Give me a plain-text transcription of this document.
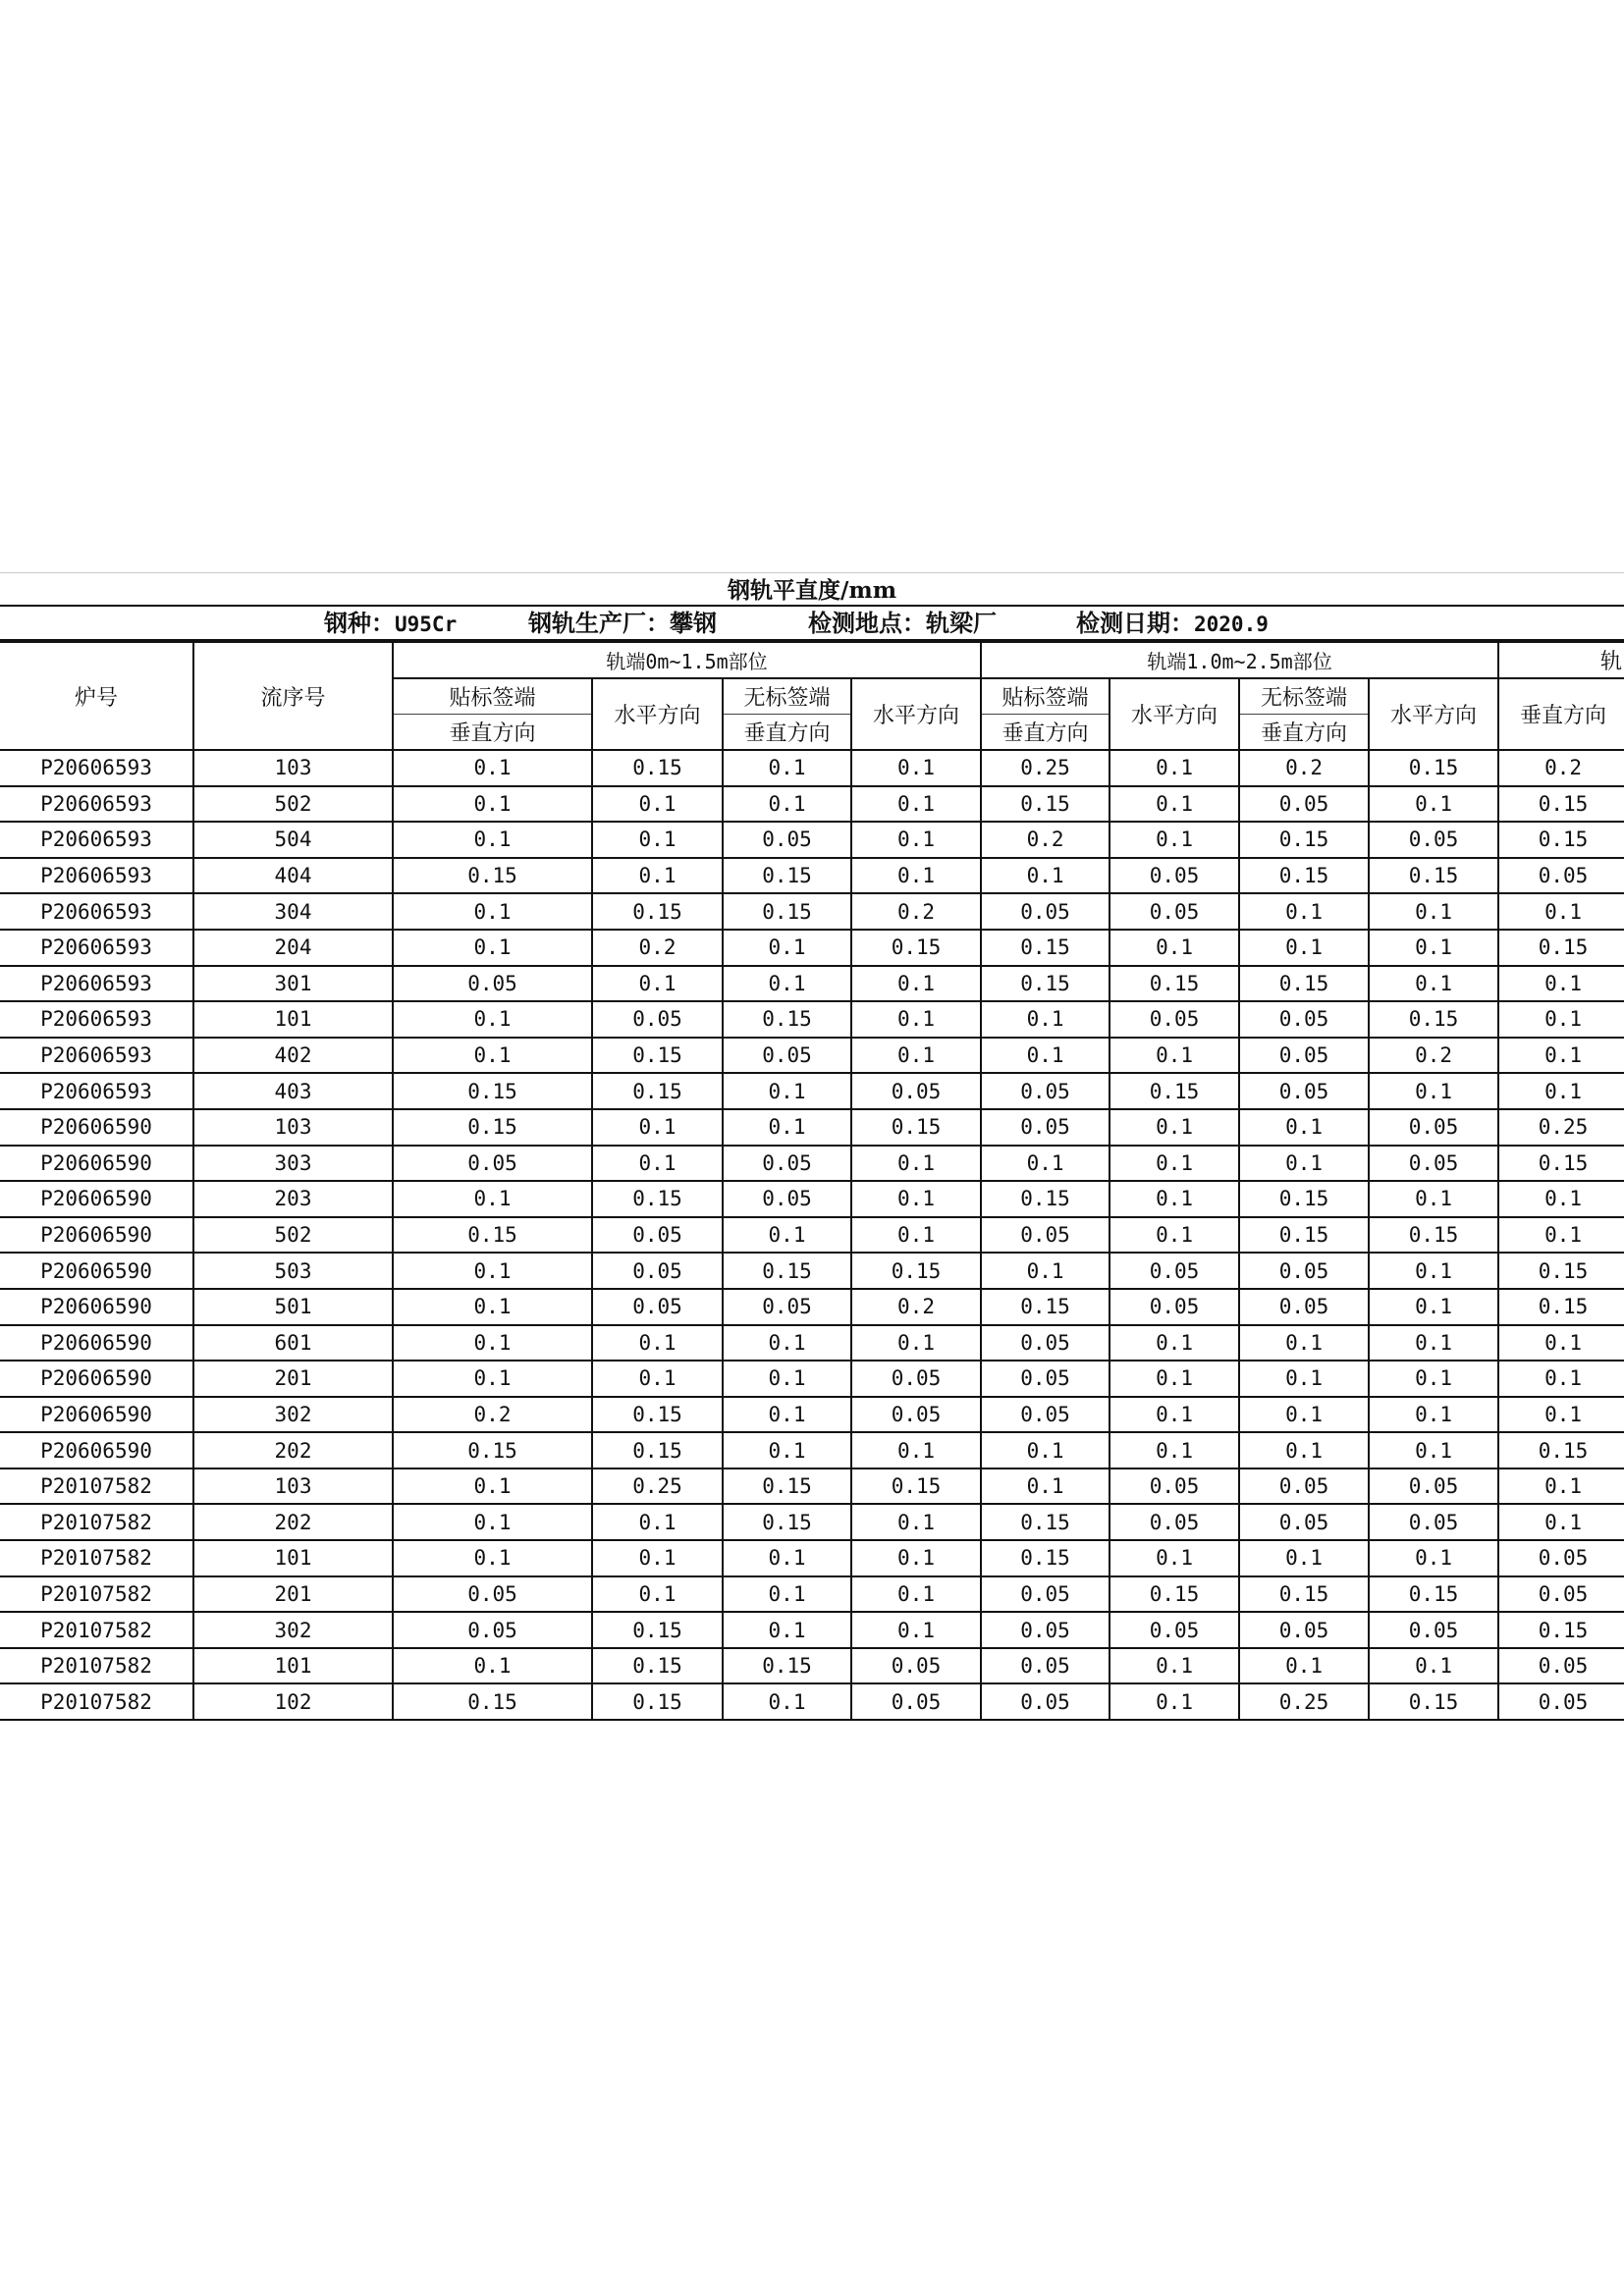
钢轨平直度/mm
钢种：U95Cr	钢轨生产厂：攀钢	检测地点：轨梁厂	检测日期：2020.9
炉号	流序号	轨端0m~1.5m部位				轨端1.0m~2.5m部位				轨
		贴标签端	水平方向	无标签端	水平方向	贴标签端	水平方向	无标签端	水平方向	垂直方向
		垂直方向		垂直方向		垂直方向		垂直方向		
P20606593	103	0.1	0.15	0.1	0.1	0.25	0.1	0.2	0.15	0.2
P20606593	502	0.1	0.1	0.1	0.1	0.15	0.1	0.05	0.1	0.15
P20606593	504	0.1	0.1	0.05	0.1	0.2	0.1	0.15	0.05	0.15
P20606593	404	0.15	0.1	0.15	0.1	0.1	0.05	0.15	0.15	0.05
P20606593	304	0.1	0.15	0.15	0.2	0.05	0.05	0.1	0.1	0.1
P20606593	204	0.1	0.2	0.1	0.15	0.15	0.1	0.1	0.1	0.15
P20606593	301	0.05	0.1	0.1	0.1	0.15	0.15	0.15	0.1	0.1
P20606593	101	0.1	0.05	0.15	0.1	0.1	0.05	0.05	0.15	0.1
P20606593	402	0.1	0.15	0.05	0.1	0.1	0.1	0.05	0.2	0.1
P20606593	403	0.15	0.15	0.1	0.05	0.05	0.15	0.05	0.1	0.1
P20606590	103	0.15	0.1	0.1	0.15	0.05	0.1	0.1	0.05	0.25
P20606590	303	0.05	0.1	0.05	0.1	0.1	0.1	0.1	0.05	0.15
P20606590	203	0.1	0.15	0.05	0.1	0.15	0.1	0.15	0.1	0.1
P20606590	502	0.15	0.05	0.1	0.1	0.05	0.1	0.15	0.15	0.1
P20606590	503	0.1	0.05	0.15	0.15	0.1	0.05	0.05	0.1	0.15
P20606590	501	0.1	0.05	0.05	0.2	0.15	0.05	0.05	0.1	0.15
P20606590	601	0.1	0.1	0.1	0.1	0.05	0.1	0.1	0.1	0.1
P20606590	201	0.1	0.1	0.1	0.05	0.05	0.1	0.1	0.1	0.1
P20606590	302	0.2	0.15	0.1	0.05	0.05	0.1	0.1	0.1	0.1
P20606590	202	0.15	0.15	0.1	0.1	0.1	0.1	0.1	0.1	0.15
P20107582	103	0.1	0.25	0.15	0.15	0.1	0.05	0.05	0.05	0.1
P20107582	202	0.1	0.1	0.15	0.1	0.15	0.05	0.05	0.05	0.1
P20107582	101	0.1	0.1	0.1	0.1	0.15	0.1	0.1	0.1	0.05
P20107582	201	0.05	0.1	0.1	0.1	0.05	0.15	0.15	0.15	0.05
P20107582	302	0.05	0.15	0.1	0.1	0.05	0.05	0.05	0.05	0.15
P20107582	101	0.1	0.15	0.15	0.05	0.05	0.1	0.1	0.1	0.05
P20107582	102	0.15	0.15	0.1	0.05	0.05	0.1	0.25	0.15	0.05
